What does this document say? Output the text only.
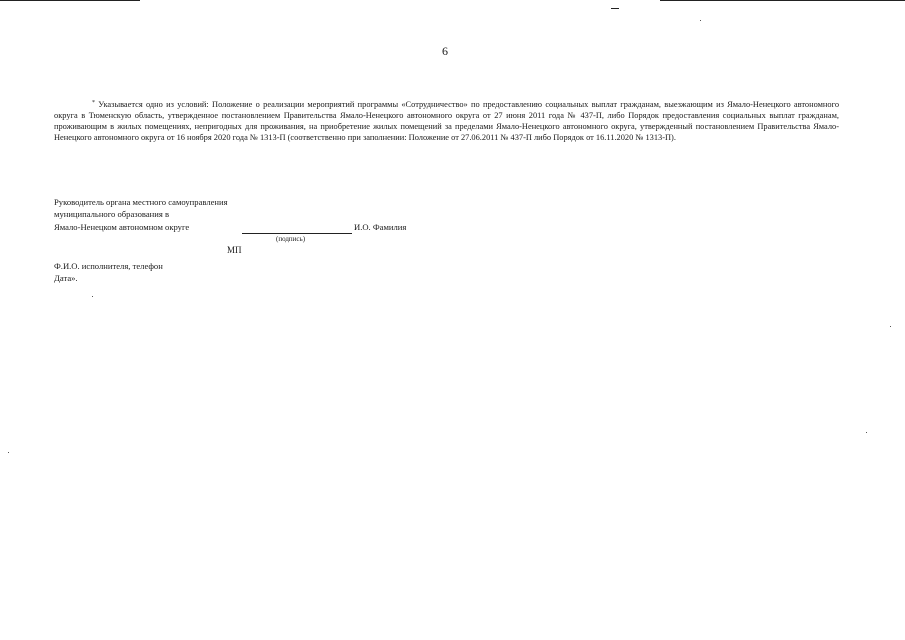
6

* Указывается одно из условий: Положение о реализации мероприятий программы «Сотрудничество» по предоставлению социальных выплат гражданам, выезжающим из Ямало-Ненецкого автономного округа в Тюменскую область, утвержденное постановлением Правительства Ямало-Ненецкого автономного округа от 27 июня 2011 года № 437-П, либо Порядок предоставления социальных выплат гражданам, проживающим в жилых помещениях, непригодных для проживания, на приобретение жилых помещений за пределами Ямало-Ненецкого автономного округа, утвержденный постановлением Правительства Ямало-Ненецкого автономного округа от 16 ноября 2020 года № 1313-П (соответственно при заполнении: Положение от 27.06.2011 № 437-П либо Порядок от 16.11.2020 № 1313-П).

Руководитель органа местного самоуправления
муниципального образования в
Ямало-Ненецком автономном округе	И.О. Фамилия
(подпись)
МП
Ф.И.О. исполнителя, телефон
Дата».
